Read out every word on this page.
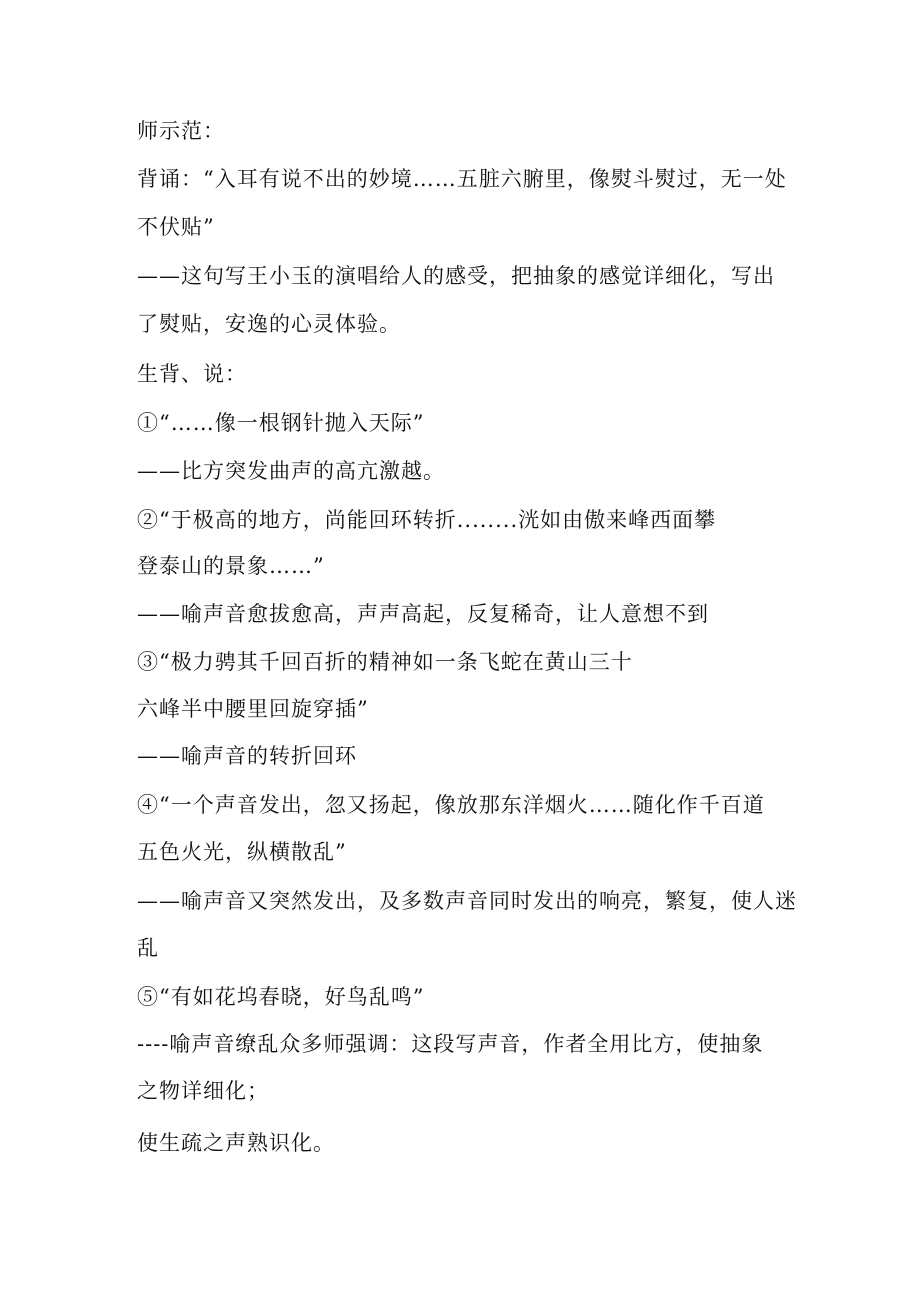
师示范：
背诵：“入耳有说不出的妙境……五脏六腑里，像熨斗熨过，无一处
不伏贴”
——这句写王小玉的演唱给人的感受，把抽象的感觉详细化，写出
了熨贴，安逸的心灵体验。
生背、说：
①“……像一根钢针抛入天际”
——比方突发曲声的高亢激越。
②“于极高的地方，尚能回环转折........洸如由傲来峰西面攀
登泰山的景象……”
——喻声音愈拔愈高，声声高起，反复稀奇，让人意想不到
③“极力骋其千回百折的精神如一条飞蛇在黄山三十
六峰半中腰里回旋穿插”
——喻声音的转折回环
④“一个声音发出，忽又扬起，像放那东洋烟火……随化作千百道
五色火光，纵横散乱”
——喻声音又突然发出，及多数声音同时发出的响亮，繁复，使人迷
乱
⑤“有如花坞春晓，好鸟乱鸣”
----喻声音缭乱众多师强调：这段写声音，作者全用比方，使抽象
之物详细化；
使生疏之声熟识化。
